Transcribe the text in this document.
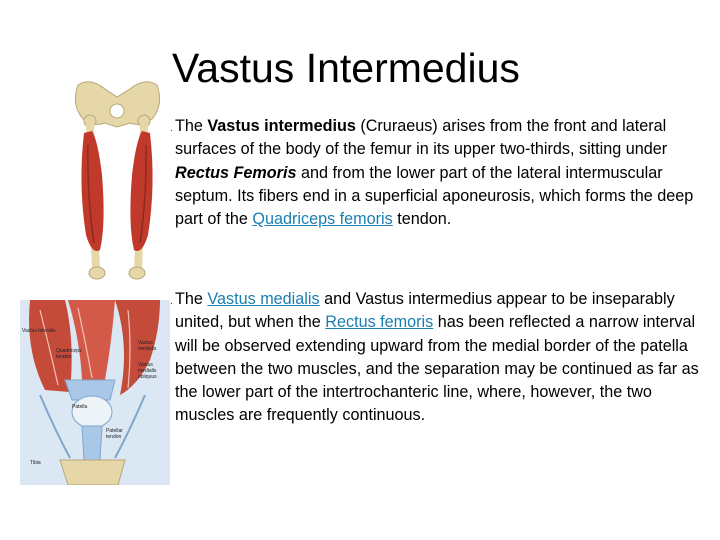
Vastus Intermedius
. The Vastus intermedius (Cruraeus) arises from the front and lateral surfaces of the body of the femur in its upper two-thirds, sitting under Rectus Femoris and from the lower part of the lateral intermuscular septum. Its fibers end in a superficial aponeurosis, which forms the deep part of the Quadriceps femoris tendon.

. The Vastus medialis and Vastus intermedius appear to be inseparably united, but when the Rectus femoris has been reflected a narrow interval will be observed extending upward from the medial border of the patella between the two muscles, and the separation may be continued as far as the lower part of the intertrochanteric line, where, however, the two muscles are frequently continuous.

Vastus lateralis
Quadriceps tendon
Vastus medialis
Vastus medialis obliquus
Patella
Patellar tendon
Tibia
